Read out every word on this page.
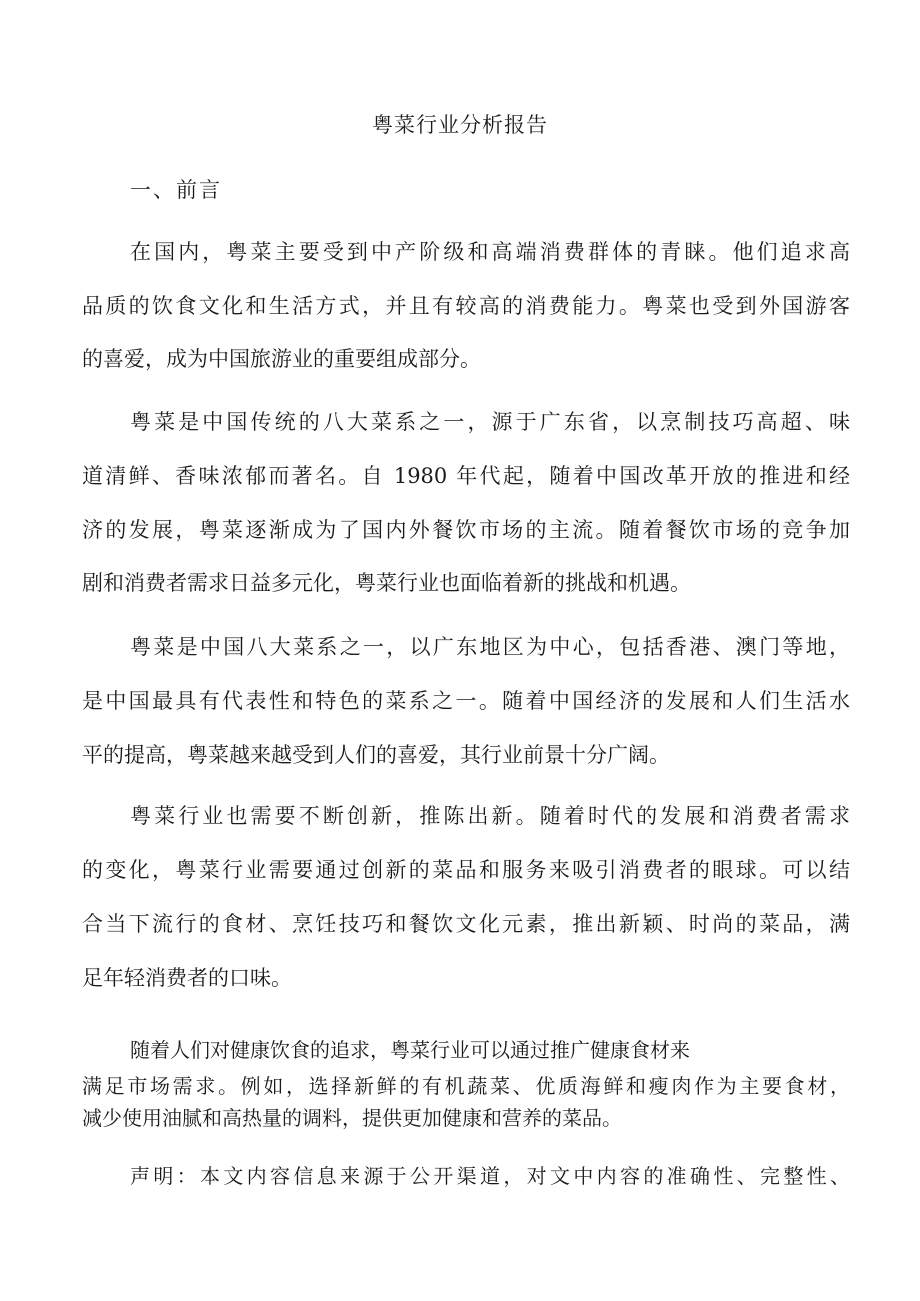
粤菜行业分析报告
一、前言
在国内，粤菜主要受到中产阶级和高端消费群体的青睐。他们追求高
品质的饮食文化和生活方式，并且有较高的消费能力。粤菜也受到外国游客
的喜爱，成为中国旅游业的重要组成部分。
粤菜是中国传统的八大菜系之一，源于广东省，以烹制技巧高超、味
道清鲜、香味浓郁而著名。自 1980 年代起，随着中国改革开放的推进和经
济的发展，粤菜逐渐成为了国内外餐饮市场的主流。随着餐饮市场的竞争加
剧和消费者需求日益多元化，粤菜行业也面临着新的挑战和机遇。
粤菜是中国八大菜系之一，以广东地区为中心，包括香港、澳门等地，
是中国最具有代表性和特色的菜系之一。随着中国经济的发展和人们生活水
平的提高，粤菜越来越受到人们的喜爱，其行业前景十分广阔。
粤菜行业也需要不断创新，推陈出新。随着时代的发展和消费者需求
的变化，粤菜行业需要通过创新的菜品和服务来吸引消费者的眼球。可以结
合当下流行的食材、烹饪技巧和餐饮文化元素，推出新颖、时尚的菜品，满
足年轻消费者的口味。
随着人们对健康饮食的追求，粤菜行业可以通过推广健康食材来
满足市场需求。例如，选择新鲜的有机蔬菜、优质海鲜和瘦肉作为主要食材，
减少使用油腻和高热量的调料，提供更加健康和营养的菜品。
声明：本文内容信息来源于公开渠道，对文中内容的准确性、完整性、
